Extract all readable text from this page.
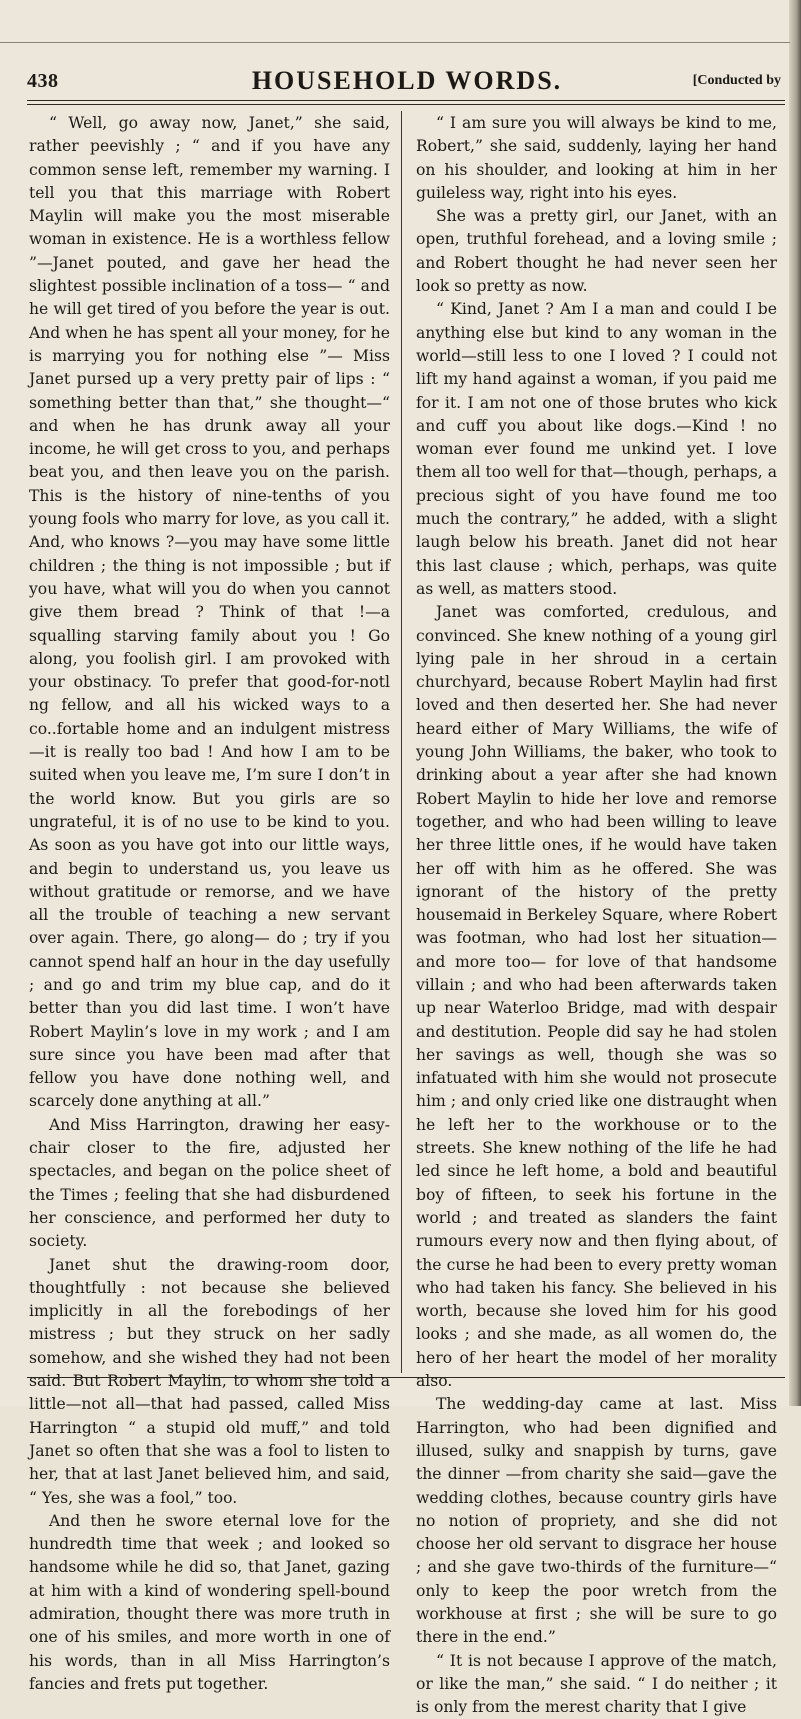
438	HOUSEHOLD WORDS.	[Conducted by

“ Well, go away now, Janet,” she said, rather peevishly ; “ and if you have any common sense left, remember my warning. I tell you that this marriage with Robert Maylin will make you the most miserable woman in existence. He is a worthless fellow ”—Janet pouted, and gave her head the slightest possible inclination of a toss— “ and he will get tired of you before the year is out. And when he has spent all your money, for he is marrying you for nothing else ”— Miss Janet pursed up a very pretty pair of lips : “ something better than that,” she thought—“ and when he has drunk away all your income, he will get cross to you, and perhaps beat you, and then leave you on the parish. This is the history of nine-tenths of you young fools who marry for love, as you call it. And, who knows ?—you may have some little children ; the thing is not impossible ; but if you have, what will you do when you cannot give them bread ? Think of that !—a squalling starving family about you ! Go along, you foolish girl. I am provoked with your obstinacy. To prefer that good-for-notl ng fellow, and all his wicked ways to a co..fortable home and an indulgent mistress—it is really too bad ! And how I am to be suited when you leave me, I’m sure I don’t in the world know. But you girls are so ungrateful, it is of no use to be kind to you. As soon as you have got into our little ways, and begin to understand us, you leave us without gratitude or remorse, and we have all the trouble of teaching a new servant over again. There, go along— do ; try if you cannot spend half an hour in the day usefully ; and go and trim my blue cap, and do it better than you did last time. I won’t have Robert Maylin’s love in my work ; and I am sure since you have been mad after that fellow you have done nothing well, and scarcely done anything at all.”

And Miss Harrington, drawing her easy-chair closer to the fire, adjusted her spectacles, and began on the police sheet of the Times ; feeling that she had disburdened her conscience, and performed her duty to society.

Janet shut the drawing-room door, thoughtfully : not because she believed implicitly in all the forebodings of her mistress ; but they struck on her sadly somehow, and she wished they had not been said. But Robert Maylin, to whom she told a little—not all—that had passed, called Miss Harrington “ a stupid old muff,” and told Janet so often that she was a fool to listen to her, that at last Janet believed him, and said, “ Yes, she was a fool,” too.

And then he swore eternal love for the hundredth time that week ; and looked so handsome while he did so, that Janet, gazing at him with a kind of wondering spell-bound admiration, thought there was more truth in one of his smiles, and more worth in one of his words, than in all Miss Harrington’s fancies and frets put together.

“ I am sure you will always be kind to me, Robert,” she said, suddenly, laying her hand on his shoulder, and looking at him in her guileless way, right into his eyes.

She was a pretty girl, our Janet, with an open, truthful forehead, and a loving smile ; and Robert thought he had never seen her look so pretty as now.

“ Kind, Janet ? Am I a man and could I be anything else but kind to any woman in the world—still less to one I loved ? I could not lift my hand against a woman, if you paid me for it. I am not one of those brutes who kick and cuff you about like dogs.—Kind ! no woman ever found me unkind yet. I love them all too well for that—though, perhaps, a precious sight of you have found me too much the contrary,” he added, with a slight laugh below his breath. Janet did not hear this last clause ; which, perhaps, was quite as well, as matters stood.

Janet was comforted, credulous, and convinced. She knew nothing of a young girl lying pale in her shroud in a certain churchyard, because Robert Maylin had first loved and then deserted her. She had never heard either of Mary Williams, the wife of young John Williams, the baker, who took to drinking about a year after she had known Robert Maylin to hide her love and remorse together, and who had been willing to leave her three little ones, if he would have taken her off with him as he offered. She was ignorant of the history of the pretty housemaid in Berkeley Square, where Robert was footman, who had lost her situation—and more too— for love of that handsome villain ; and who had been afterwards taken up near Waterloo Bridge, mad with despair and destitution. People did say he had stolen her savings as well, though she was so infatuated with him she would not prosecute him ; and only cried like one distraught when he left her to the workhouse or to the streets. She knew nothing of the life he had led since he left home, a bold and beautiful boy of fifteen, to seek his fortune in the world ; and treated as slanders the faint rumours every now and then flying about, of the curse he had been to every pretty woman who had taken his fancy. She believed in his worth, because she loved him for his good looks ; and she made, as all women do, the hero of her heart the model of her morality also.

The wedding-day came at last. Miss Harrington, who had been dignified and illused, sulky and snappish by turns, gave the dinner —from charity she said—gave the wedding clothes, because country girls have no notion of propriety, and she did not choose her old servant to disgrace her house ; and she gave two-thirds of the furniture—“ only to keep the poor wretch from the workhouse at first ; she will be sure to go there in the end.”

“ It is not because I approve of the match, or like the man,” she said. “ I do neither ; it is only from the merest charity that I give
